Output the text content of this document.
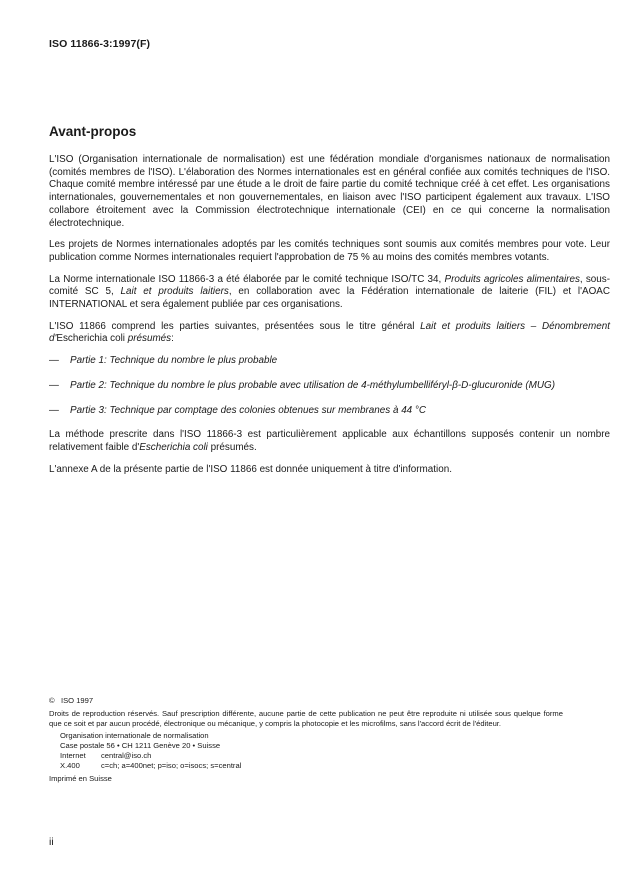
ISO 11866-3:1997(F)
Avant-propos

L'ISO (Organisation internationale de normalisation) est une fédération mondiale d'organismes nationaux de normalisation (comités membres de l'ISO). L'élaboration des Normes internationales est en général confiée aux comités techniques de l'ISO. Chaque comité membre intéressé par une étude a le droit de faire partie du comité technique créé à cet effet. Les organisations internationales, gouvernementales et non gouvernementales, en liaison avec l'ISO participent également aux travaux. L'ISO collabore étroitement avec la Commission électrotechnique internationale (CEI) en ce qui concerne la normalisation électrotechnique.

Les projets de Normes internationales adoptés par les comités techniques sont soumis aux comités membres pour vote. Leur publication comme Normes internationales requiert l'approbation de 75 % au moins des comités membres votants.

La Norme internationale ISO 11866-3 a été élaborée par le comité technique ISO/TC 34, Produits agricoles alimentaires, sous-comité SC 5, Lait et produits laitiers, en collaboration avec la Fédération internationale de laiterie (FIL) et l'AOAC INTERNATIONAL et sera également publiée par ces organisations.

L'ISO 11866 comprend les parties suivantes, présentées sous le titre général Lait et produits laitiers – Dénombrement d'Escherichia coli présumés:

—	Partie 1: Technique du nombre le plus probable
—	Partie 2: Technique du nombre le plus probable avec utilisation de 4-méthylumbelliféryl-β-D-glucuronide (MUG)
—	Partie 3: Technique par comptage des colonies obtenues sur membranes à 44 °C

La méthode prescrite dans l'ISO 11866-3 est particulièrement applicable aux échantillons supposés contenir un nombre relativement faible d'Escherichia coli présumés.

L'annexe A de la présente partie de l'ISO 11866 est donnée uniquement à titre d'information.

© ISO 1997
Droits de reproduction réservés. Sauf prescription différente, aucune partie de cette publication ne peut être reproduite ni utilisée sous quelque forme que ce soit et par aucun procédé, électronique ou mécanique, y compris la photocopie et les microfilms, sans l'accord écrit de l'éditeur.
Organisation internationale de normalisation
Case postale 56 • CH 1211 Genève 20 • Suisse
Internet	central@iso.ch
X.400	c=ch; a=400net; p=iso; o=isocs; s=central
Imprimé en Suisse
ii
